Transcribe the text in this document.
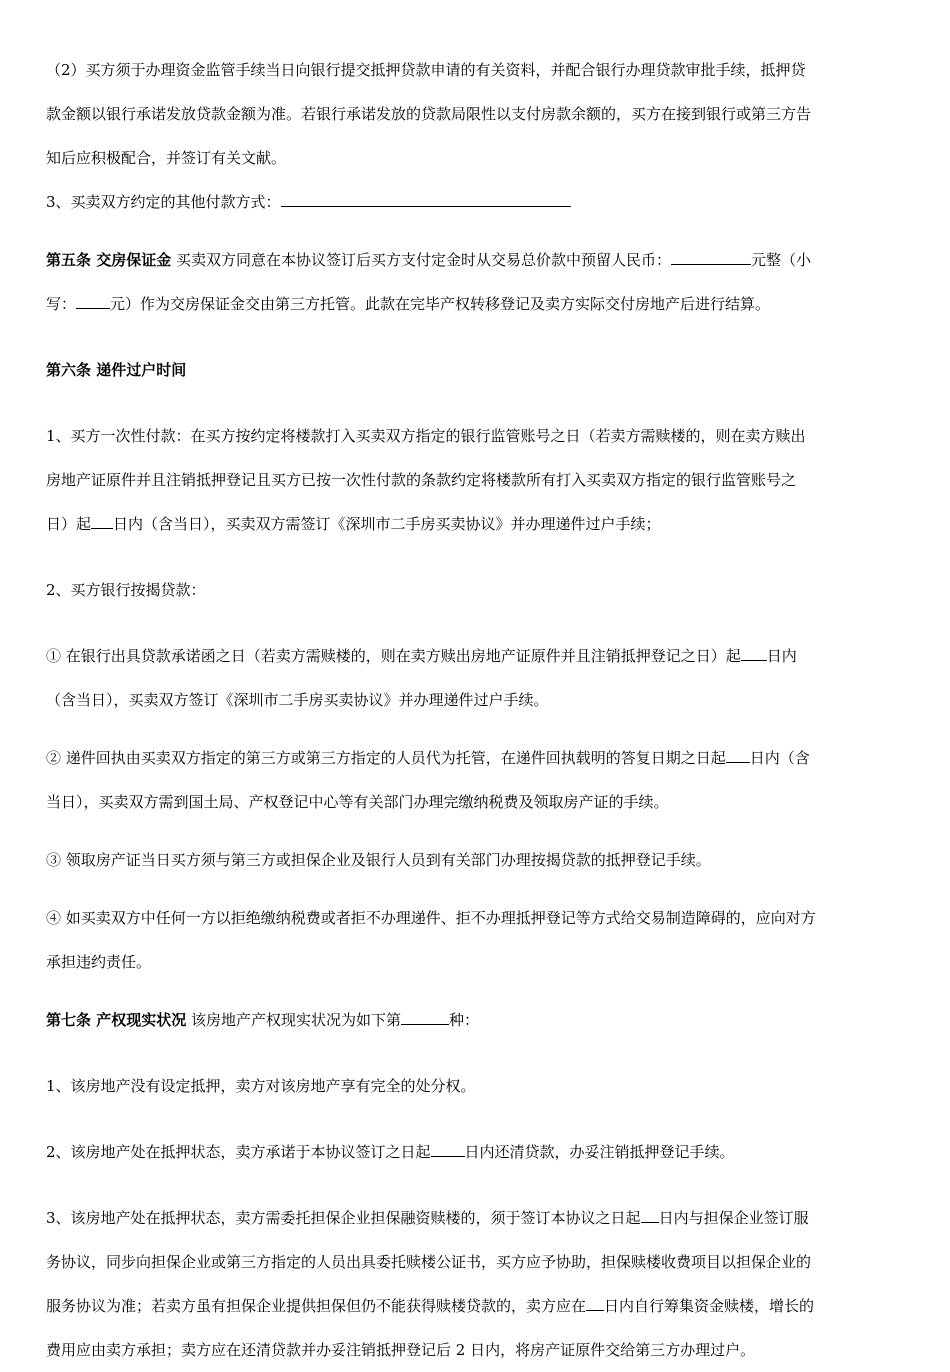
（2）买方须于办理资金监管手续当日向银行提交抵押贷款申请的有关资料，并配合银行办理贷款审批手续，抵押贷

款金额以银行承诺发放贷款金额为准。若银行承诺发放的贷款局限性以支付房款余额的，买方在接到银行或第三方告

知后应积极配合，并签订有关文献。

3、买卖双方约定的其他付款方式：

第五条 交房保证金 买卖双方同意在本协议签订后买方支付定金时从交易总价款中预留人民币：	元整（小

写： 元）作为交房保证金交由第三方托管。此款在完毕产权转移登记及卖方实际交付房地产后进行结算。

第六条 递件过户时间

1、买方一次性付款：在买方按约定将楼款打入买卖双方指定的银行监管账号之日（若卖方需赎楼的，则在卖方赎出

房地产证原件并且注销抵押登记且买方已按一次性付款的条款约定将楼款所有打入买卖双方指定的银行监管账号之

日）起 日内（含当日），买卖双方需签订《深圳市二手房买卖协议》并办理递件过户手续；

2、买方银行按揭贷款：

① 在银行出具贷款承诺函之日（若卖方需赎楼的，则在卖方赎出房地产证原件并且注销抵押登记之日）起 日内

（含当日），买卖双方签订《深圳市二手房买卖协议》并办理递件过户手续。

② 递件回执由买卖双方指定的第三方或第三方指定的人员代为托管，在递件回执载明的答复日期之日起 日内（含

当日），买卖双方需到国土局、产权登记中心等有关部门办理完缴纳税费及领取房产证的手续。

③ 领取房产证当日买方须与第三方或担保企业及银行人员到有关部门办理按揭贷款的抵押登记手续。

④ 如买卖双方中任何一方以拒绝缴纳税费或者拒不办理递件、拒不办理抵押登记等方式给交易制造障碍的，应向对方

承担违约责任。

第七条 产权现实状况 该房地产产权现实状况为如下第	种：

1、该房地产没有设定抵押，卖方对该房地产享有完全的处分权。

2、该房地产处在抵押状态，卖方承诺于本协议签订之日起 日内还清贷款，办妥注销抵押登记手续。

3、该房地产处在抵押状态，卖方需委托担保企业担保融资赎楼的，须于签订本协议之日起 日内与担保企业签订服

务协议，同步向担保企业或第三方指定的人员出具委托赎楼公证书，买方应予协助，担保赎楼收费项目以担保企业的

服务协议为准；若卖方虽有担保企业提供担保但仍不能获得赎楼贷款的，卖方应在 日内自行筹集资金赎楼，增长的

费用应由卖方承担；卖方应在还清贷款并办妥注销抵押登记后 2 日内，将房产证原件交给第三方办理过户。
